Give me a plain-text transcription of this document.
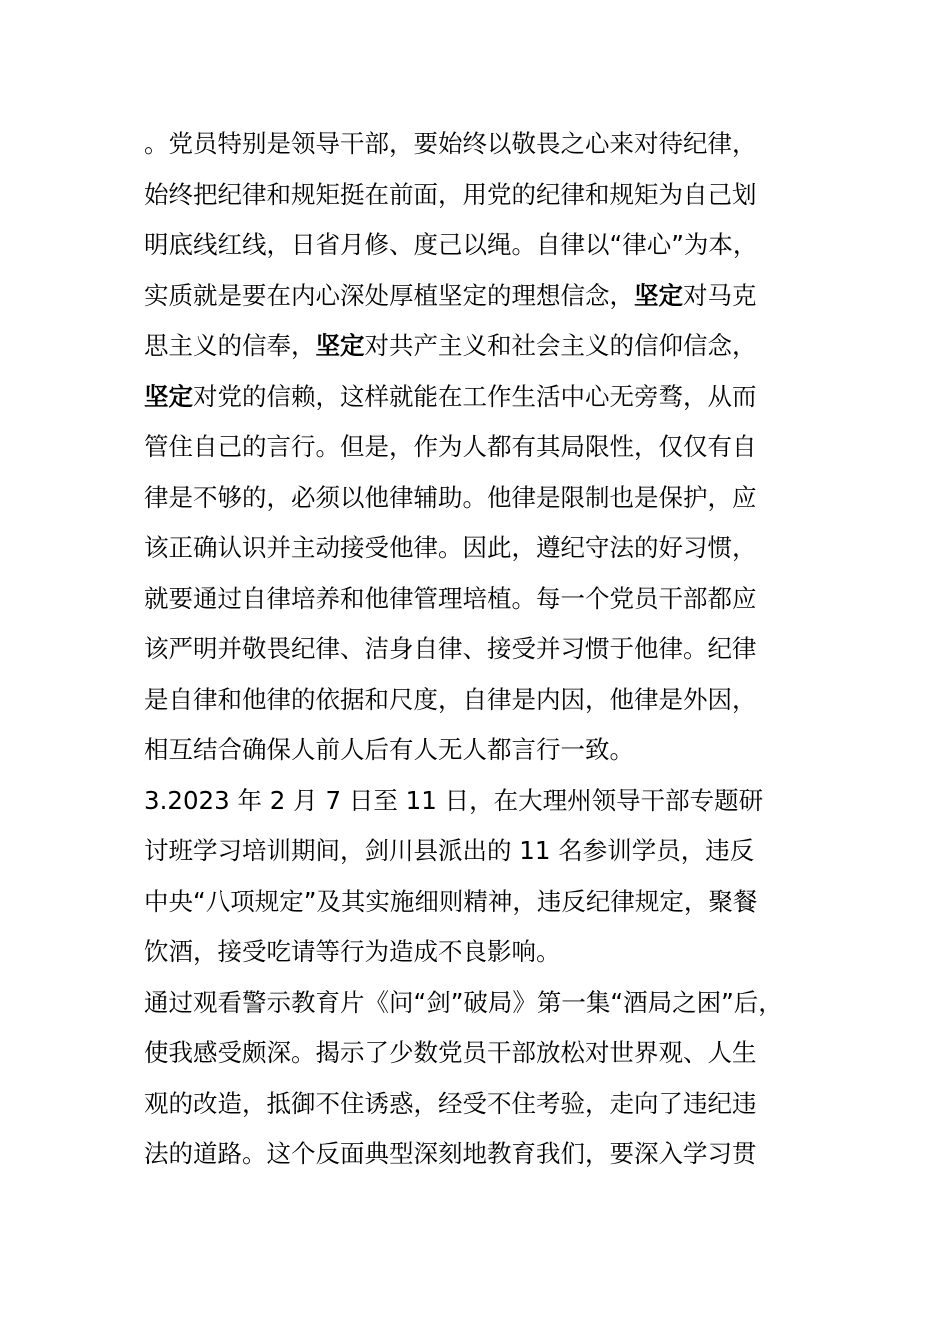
。党员特别是领导干部，要始终以敬畏之心来对待纪律，
始终把纪律和规矩挺在前面，用党的纪律和规矩为自己划
明底线红线，日省月修、度己以绳。自律以“律心”为本，
实质就是要在内心深处厚植坚定的理想信念，坚定对马克
思主义的信奉，坚定对共产主义和社会主义的信仰信念，
坚定对党的信赖，这样就能在工作生活中心无旁骛，从而
管住自己的言行。但是，作为人都有其局限性，仅仅有自
律是不够的，必须以他律辅助。他律是限制也是保护，应
该正确认识并主动接受他律。因此，遵纪守法的好习惯，
就要通过自律培养和他律管理培植。每一个党员干部都应
该严明并敬畏纪律、洁身自律、接受并习惯于他律。纪律
是自律和他律的依据和尺度，自律是内因，他律是外因，
相互结合确保人前人后有人无人都言行一致。
3.2023 年 2 月 7 日至 11 日，在大理州领导干部专题研
讨班学习培训期间，剑川县派出的 11 名参训学员，违反
中央“八项规定”及其实施细则精神，违反纪律规定，聚餐
饮酒，接受吃请等行为造成不良影响。
通过观看警示教育片《问“剑”破局》第一集“酒局之困”后，
使我感受颇深。揭示了少数党员干部放松对世界观、人生
观的改造，抵御不住诱惑，经受不住考验，走向了违纪违
法的道路。这个反面典型深刻地教育我们，要深入学习贯
